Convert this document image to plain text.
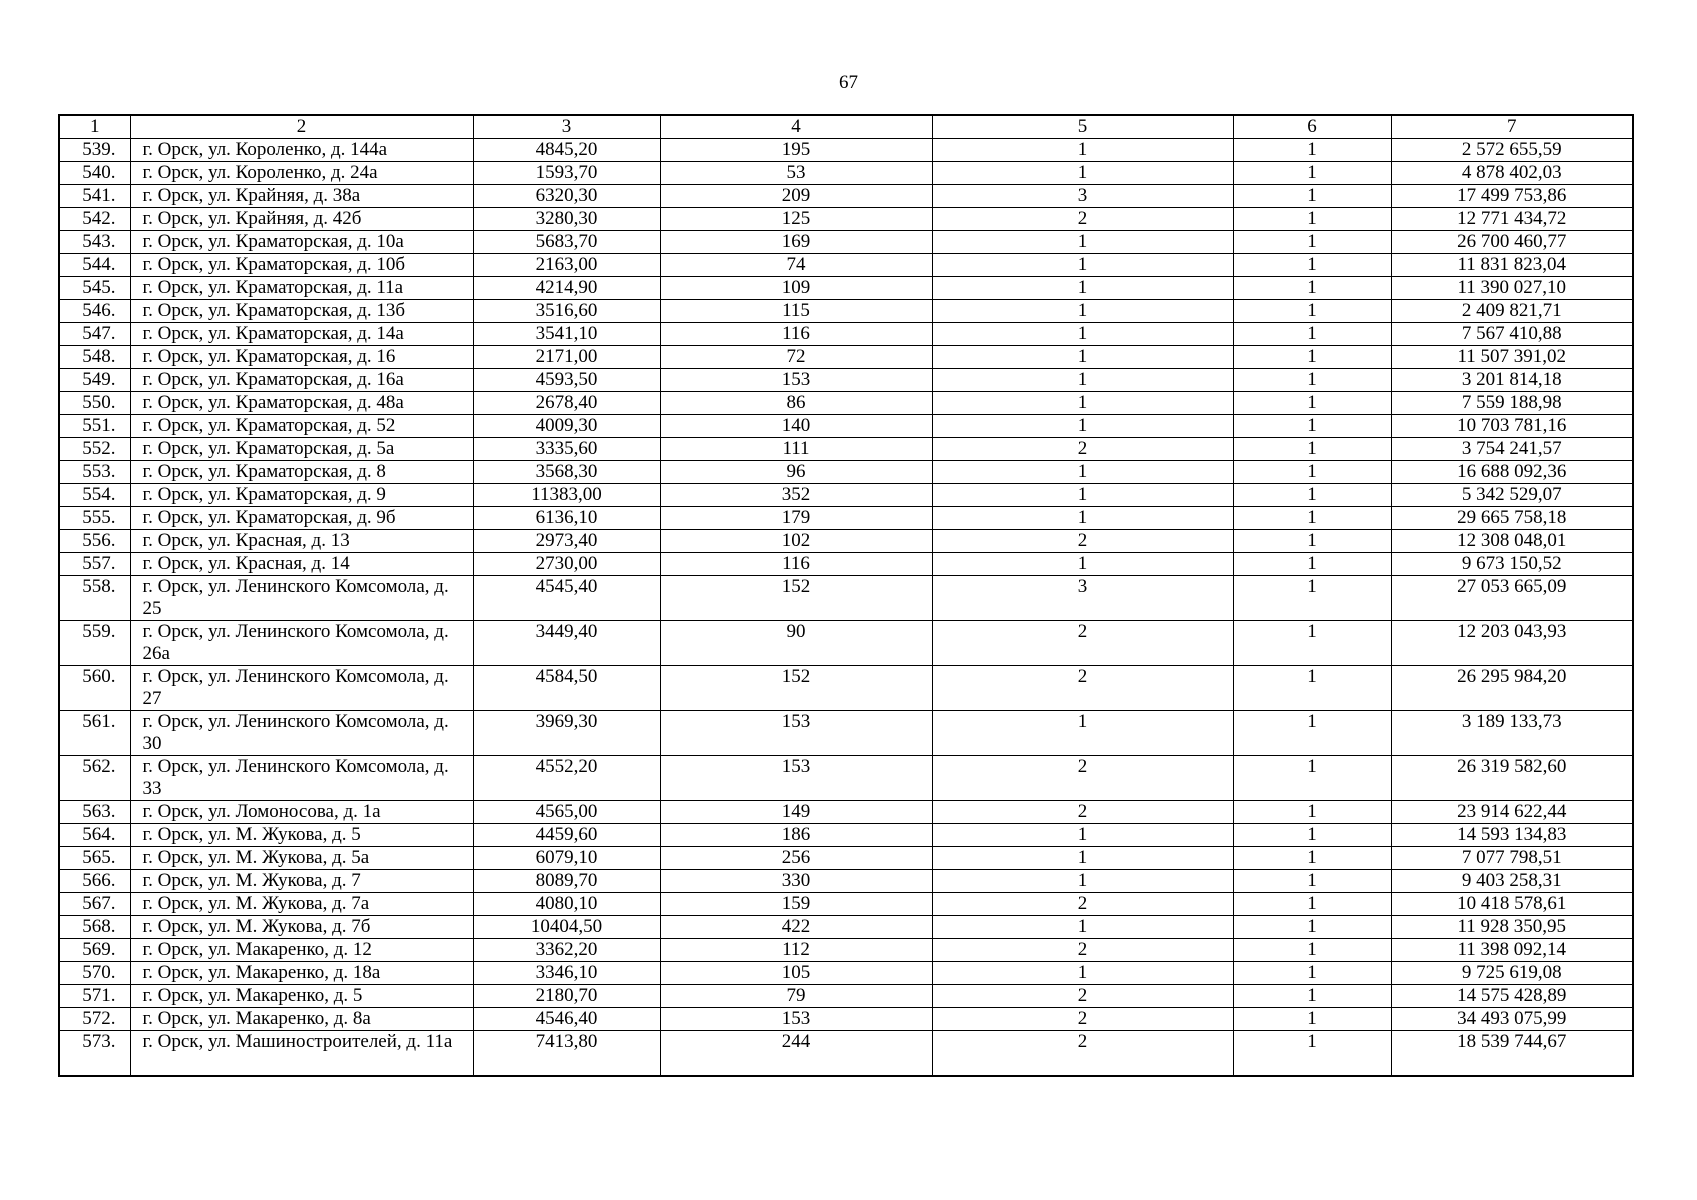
67
1	2	3	4	5	6	7
539.	г. Орск, ул. Короленко, д. 144а	4845,20	195	1	1	2 572 655,59
540.	г. Орск, ул. Короленко, д. 24а	1593,70	53	1	1	4 878 402,03
541.	г. Орск, ул. Крайняя, д. 38а	6320,30	209	3	1	17 499 753,86
542.	г. Орск, ул. Крайняя, д. 42б	3280,30	125	2	1	12 771 434,72
543.	г. Орск, ул. Краматорская, д. 10а	5683,70	169	1	1	26 700 460,77
544.	г. Орск, ул. Краматорская, д. 10б	2163,00	74	1	1	11 831 823,04
545.	г. Орск, ул. Краматорская, д. 11а	4214,90	109	1	1	11 390 027,10
546.	г. Орск, ул. Краматорская, д. 13б	3516,60	115	1	1	2 409 821,71
547.	г. Орск, ул. Краматорская, д. 14а	3541,10	116	1	1	7 567 410,88
548.	г. Орск, ул. Краматорская, д. 16	2171,00	72	1	1	11 507 391,02
549.	г. Орск, ул. Краматорская, д. 16а	4593,50	153	1	1	3 201 814,18
550.	г. Орск, ул. Краматорская, д. 48а	2678,40	86	1	1	7 559 188,98
551.	г. Орск, ул. Краматорская, д. 52	4009,30	140	1	1	10 703 781,16
552.	г. Орск, ул. Краматорская, д. 5а	3335,60	111	2	1	3 754 241,57
553.	г. Орск, ул. Краматорская, д. 8	3568,30	96	1	1	16 688 092,36
554.	г. Орск, ул. Краматорская, д. 9	11383,00	352	1	1	5 342 529,07
555.	г. Орск, ул. Краматорская, д. 9б	6136,10	179	1	1	29 665 758,18
556.	г. Орск, ул. Красная, д. 13	2973,40	102	2	1	12 308 048,01
557.	г. Орск, ул. Красная, д. 14	2730,00	116	1	1	9 673 150,52
558.	г. Орск, ул. Ленинского Комсомола, д. 25	4545,40	152	3	1	27 053 665,09
559.	г. Орск, ул. Ленинского Комсомола, д. 26а	3449,40	90	2	1	12 203 043,93
560.	г. Орск, ул. Ленинского Комсомола, д. 27	4584,50	152	2	1	26 295 984,20
561.	г. Орск, ул. Ленинского Комсомола, д. 30	3969,30	153	1	1	3 189 133,73
562.	г. Орск, ул. Ленинского Комсомола, д. 33	4552,20	153	2	1	26 319 582,60
563.	г. Орск, ул. Ломоносова, д. 1а	4565,00	149	2	1	23 914 622,44
564.	г. Орск, ул. М. Жукова, д. 5	4459,60	186	1	1	14 593 134,83
565.	г. Орск, ул. М. Жукова, д. 5а	6079,10	256	1	1	7 077 798,51
566.	г. Орск, ул. М. Жукова, д. 7	8089,70	330	1	1	9 403 258,31
567.	г. Орск, ул. М. Жукова, д. 7а	4080,10	159	2	1	10 418 578,61
568.	г. Орск, ул. М. Жукова, д. 7б	10404,50	422	1	1	11 928 350,95
569.	г. Орск, ул. Макаренко, д. 12	3362,20	112	2	1	11 398 092,14
570.	г. Орск, ул. Макаренко, д. 18а	3346,10	105	1	1	9 725 619,08
571.	г. Орск, ул. Макаренко, д. 5	2180,70	79	2	1	14 575 428,89
572.	г. Орск, ул. Макаренко, д. 8а	4546,40	153	2	1	34 493 075,99
573.	г. Орск, ул. Машиностроителей, д. 11а	7413,80	244	2	1	18 539 744,67
